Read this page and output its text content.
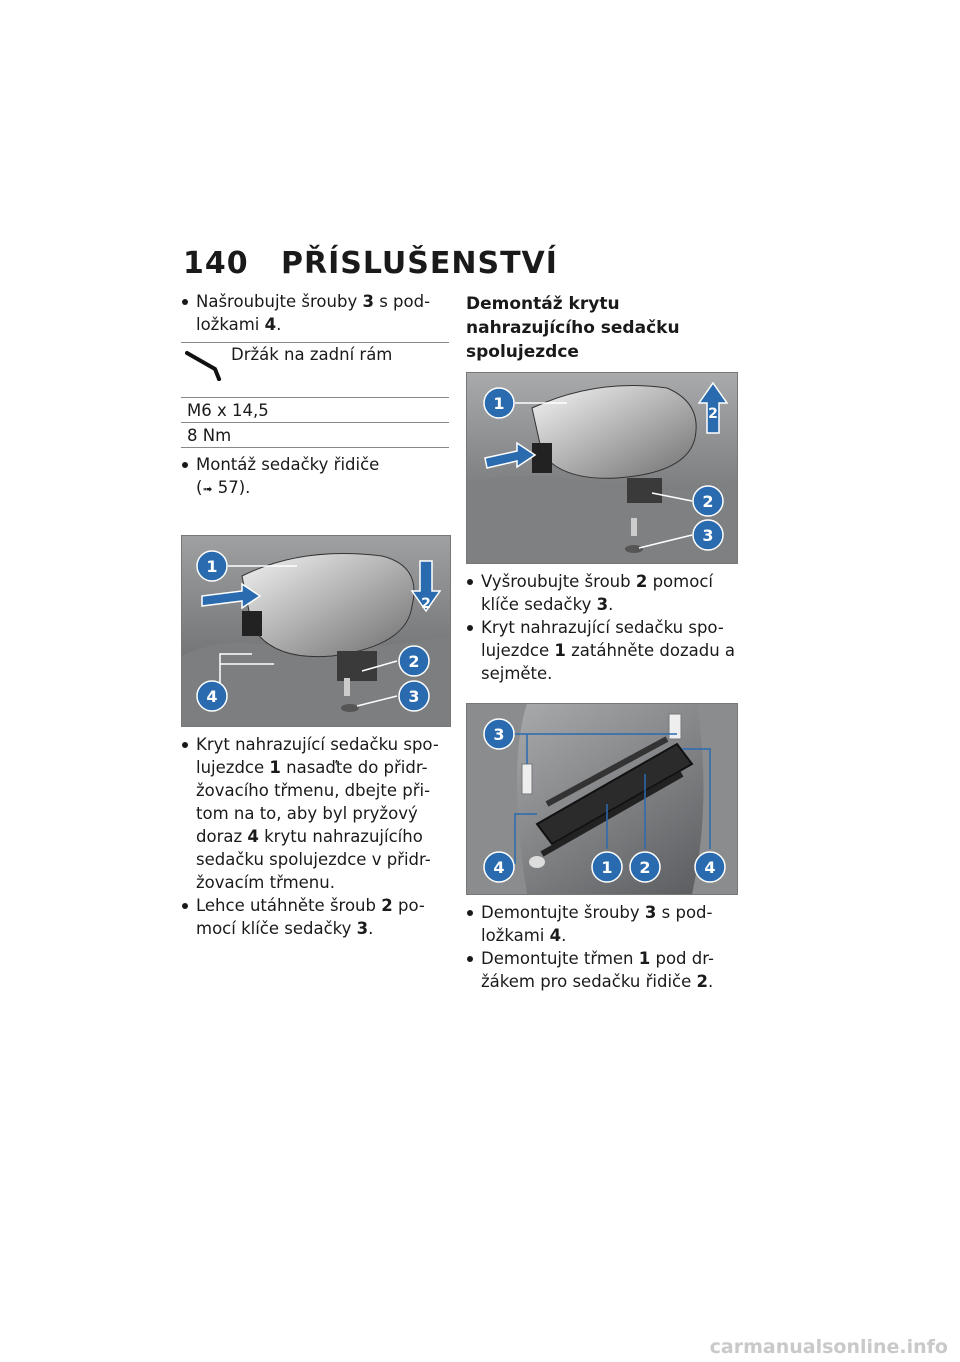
140 PŘÍSLUŠENSTVÍ

Našroubujte šrouby 3 s pod-ložkami 4.

Držák na zadní rám
M6 x 14,5
8 Nm

Montáž sedačky řidiče
(➟ 57).

1
2
2
3
4

Kryt nahrazující sedačku spo-lujezdce 1 nasaďte do přidr-žovacího třmenu, dbejte při-tom na to, aby byl pryžový doraz 4 krytu nahrazujícího sedačku spolujezdce v přidr-žovacím třmenu.

Lehce utáhněte šroub 2 po-mocí klíče sedačky 3.

Demontáž krytu nahrazujícího sedačku spolujezdce

1
2
2
3

Vyšroubujte šroub 2 pomocí klíče sedačky 3.

Kryt nahrazující sedačku spo-lujezdce 1 zatáhněte dozadu a sejměte.

3
4	1 2	4

Demontujte šrouby 3 s pod-ložkami 4.

Demontujte třmen 1 pod dr-žákem pro sedačku řidiče 2.

carmanualsonline.info
